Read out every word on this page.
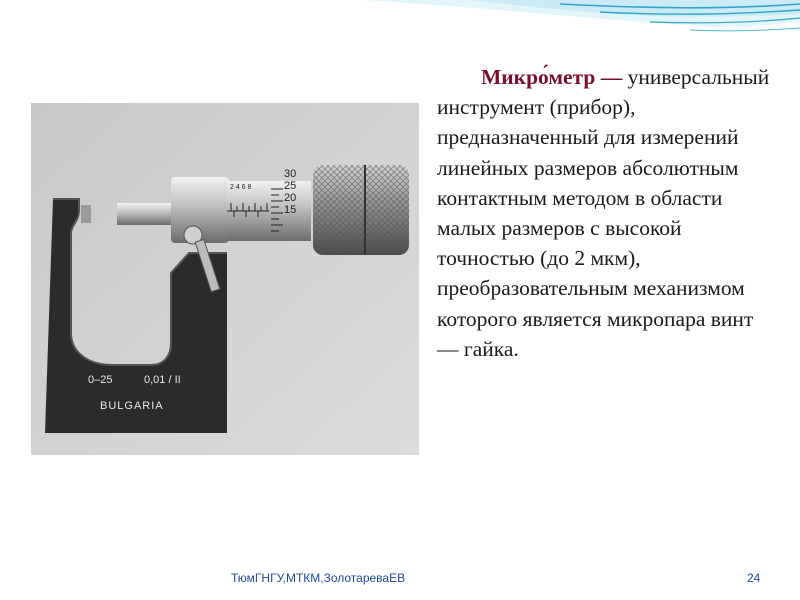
0–25	0,01 / II
BULGARIA
2 4 6 8
30
25
20
15
Микро́метр — универсальный инструмент (прибор), предназначенный для измерений линейных размеров абсолютным контактным методом в области малых размеров с высокой точностью (до 2 мкм), преобразовательным механизмом которого является микропара винт — гайка.
ТюмГНГУ,МТКМ,ЗолотареваЕВ	24
